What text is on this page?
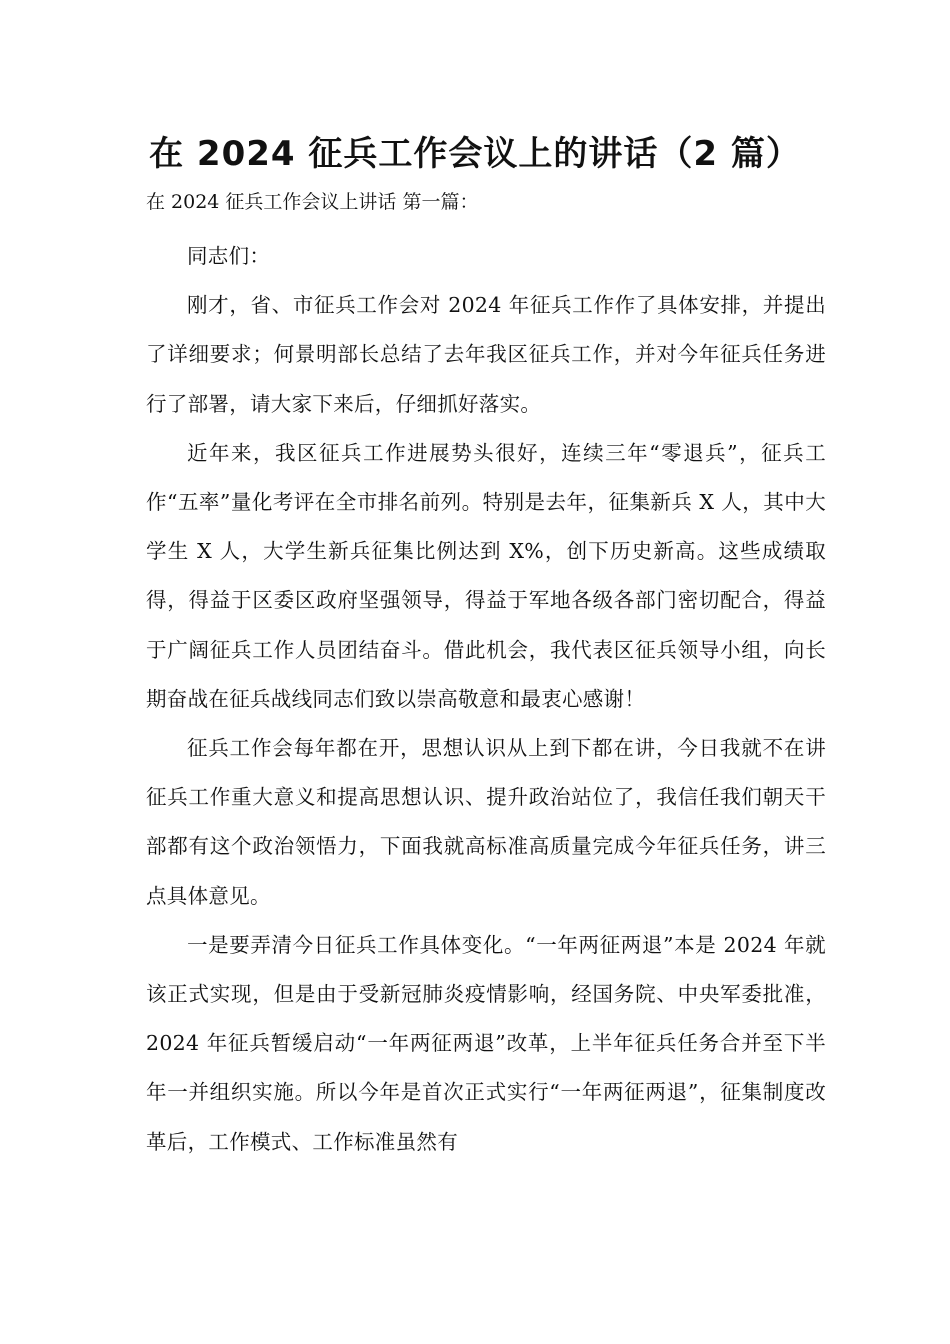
在 2024 征兵工作会议上的讲话（2 篇）
在 2024 征兵工作会议上讲话 第一篇：

同志们：

刚才，省、市征兵工作会对 2024 年征兵工作作了具体安排，并提出了详细要求；何景明部长总结了去年我区征兵工作，并对今年征兵任务进行了部署，请大家下来后，仔细抓好落实。

近年来，我区征兵工作进展势头很好，连续三年“零退兵”，征兵工作“五率”量化考评在全市排名前列。特别是去年，征集新兵 X 人，其中大学生 X 人，大学生新兵征集比例达到 X%，创下历史新高。这些成绩取得，得益于区委区政府坚强领导，得益于军地各级各部门密切配合，得益于广阔征兵工作人员团结奋斗。借此机会，我代表区征兵领导小组，向长期奋战在征兵战线同志们致以崇高敬意和最衷心感谢！

征兵工作会每年都在开，思想认识从上到下都在讲，今日我就不在讲征兵工作重大意义和提高思想认识、提升政治站位了，我信任我们朝天干部都有这个政治领悟力，下面我就高标准高质量完成今年征兵任务，讲三点具体意见。

一是要弄清今日征兵工作具体变化。“一年两征两退”本是 2024 年就该正式实现，但是由于受新冠肺炎疫情影响，经国务院、中央军委批准，2024 年征兵暂缓启动“一年两征两退”改革，上半年征兵任务合并至下半年一并组织实施。所以今年是首次正式实行“一年两征两退”，征集制度改革后，工作模式、工作标准虽然有
